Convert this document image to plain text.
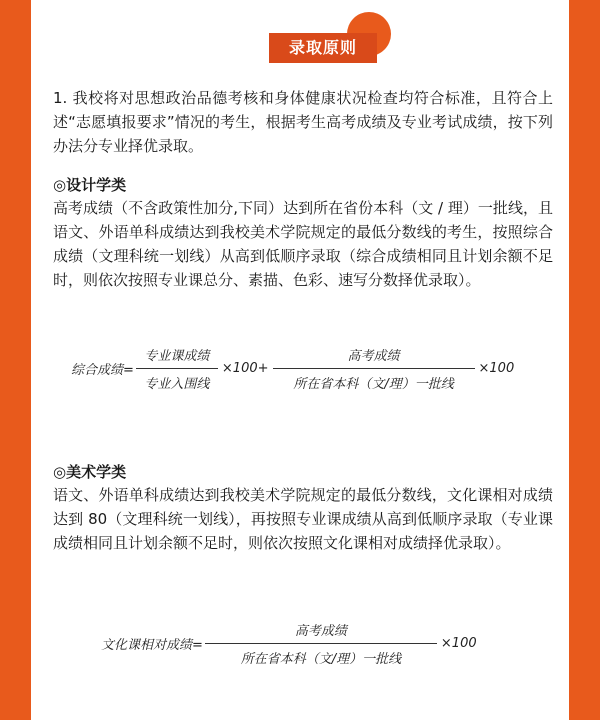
录取原则

1. 我校将对思想政治品德考核和身体健康状况检查均符合标准，且符合上述“志愿填报要求”情况的考生，根据考生高考成绩及专业考试成绩，按下列办法分专业择优录取。

◎设计学类

高考成绩（不含政策性加分,下同）达到所在省份本科（文 / 理）一批线，且语文、外语单科成绩达到我校美术学院规定的最低分数线的考生，按照综合成绩（文理科统一划线）从高到低顺序录取（综合成绩相同且计划余额不足时，则依次按照专业课总分、素描、色彩、速写分数择优录取）。

综合成绩= $\frac{\text{专业课成绩}}{\text{专业入围线}} \times 100+ \frac{\text{高考成绩}}{\text{所在省本科（文/理）一批线}} \times 100$

◎美术学类

语文、外语单科成绩达到我校美术学院规定的最低分数线，文化课相对成绩达到 80（文理科统一划线），再按照专业课成绩从高到低顺序录取（专业课成绩相同且计划余额不足时，则依次按照文化课相对成绩择优录取）。

文化课相对成绩= $\frac{\text{高考成绩}}{\text{所在省本科（文/理）一批线}} \times 100$
